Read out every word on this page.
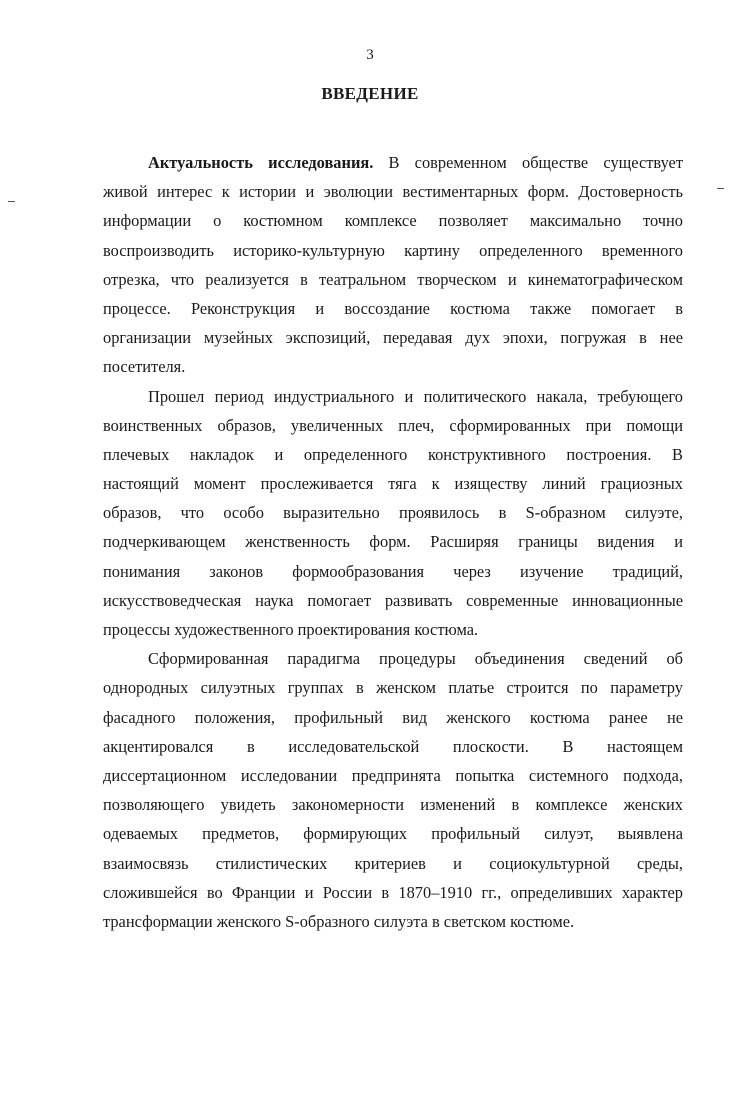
3
ВВЕДЕНИЕ
Актуальность исследования. В современном обществе существует
живой интерес к истории и эволюции вестиментарных форм. Достоверность
информации о костюмном комплексе позволяет максимально точно
воспроизводить историко-культурную картину определенного временного
отрезка, что реализуется в театральном творческом и кинематографическом
процессе. Реконструкция и воссоздание костюма также помогает в
организации музейных экспозиций, передавая дух эпохи, погружая в нее
посетителя.
Прошел период индустриального и политического накала, требующего
воинственных образов, увеличенных плеч, сформированных при помощи
плечевых накладок и определенного конструктивного построения. В
настоящий момент прослеживается тяга к изяществу линий грациозных
образов, что особо выразительно проявилось в S-образном силуэте,
подчеркивающем женственность форм. Расширяя границы видения и
понимания законов формообразования через изучение традиций,
искусствоведческая наука помогает развивать современные инновационные
процессы художественного проектирования костюма.
Сформированная парадигма процедуры объединения сведений об
однородных силуэтных группах в женском платье строится по параметру
фасадного положения, профильный вид женского костюма ранее не
акцентировался в исследовательской плоскости. В настоящем
диссертационном исследовании предпринята попытка системного подхода,
позволяющего увидеть закономерности изменений в комплексе женских
одеваемых предметов, формирующих профильный силуэт, выявлена
взаимосвязь стилистических критериев и социокультурной среды,
сложившейся во Франции и России в 1870–1910 гг., определивших характер
трансформации женского S-образного силуэта в светском костюме.
